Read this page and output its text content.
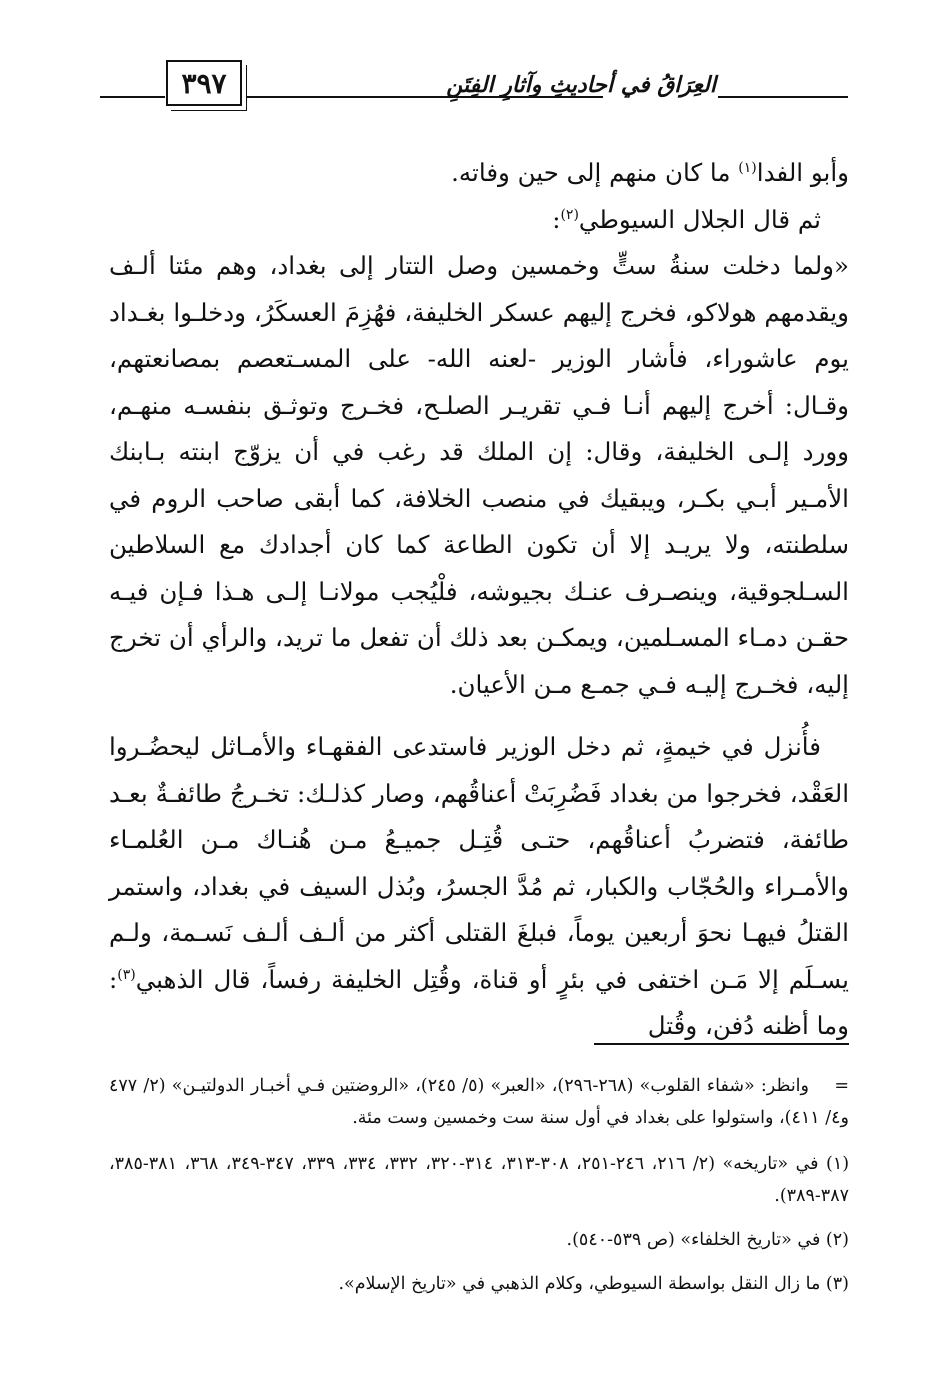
العِرَاقُ في أحاديثِ وآثارِ الفِتَنِ
٣٩٧

وأبو الفدا$^{(١)}$ ما كان منهم إلى حين وفاته.

ثم قال الجلال السيوطي$^{(٢)}$:

«ولما دخلت سنةُ ستٍّ وخمسين وصل التتار إلى بغداد، وهم مئتا ألـف ويقدمهم هولاكو، فخرج إليهم عسكر الخليفة، فهُزِمَ العسكَرُ، ودخلـوا بغـداد يوم عاشوراء، فأشار الوزير -لعنه الله- على المسـتعصم بمصانعتهم، وقـال: أخرج إليهم أنـا فـي تقريـر الصلـح، فخـرج وتوثـق بنفسـه منهـم، وورد إلـى الخليفة، وقال: إن الملك قد رغب في أن يزوّج ابنته بـابنك الأمـير أبـي بكـر، ويبقيك في منصب الخلافة، كما أبقى صاحب الروم في سلطنته، ولا يريـد إلا أن تكون الطاعة كما كان أجدادك مع السلاطين السـلجوقية، وينصـرف عنـك بجيوشه، فلْيُجب مولانـا إلـى هـذا فـإن فيـه حقـن دمـاء المسـلمين، ويمكـن بعد ذلك أن تفعل ما تريد، والرأي أن تخرج إليه، فخـرج إليـه فـي جمـع مـن الأعيان.

فأُنزل في خيمةٍ، ثم دخل الوزير فاستدعى الفقهـاء والأمـاثل ليحضُـروا العَقْد، فخرجوا من بغداد فَضُرِبَتْ أعناقُهم، وصار كذلـك: تخـرجُ طائفـةٌ بعـد طائفة، فتضربُ أعناقُهم، حتـى قُتِـل جميـعُ مـن هُنـاك مـن العُلمـاء والأمـراء والحُجّاب والكبار، ثم مُدَّ الجسرُ، وبُذل السيف في بغداد، واستمر القتلُ فيهـا نحوَ أربعين يوماً، فبلغَ القتلى أكثر من ألـف ألـف نَسـمة، ولـم يسـلَم إلا مَـن اختفى في بئرٍ أو قناة، وقُتِل الخليفة رفساً، قال الذهبي$^{(٣)}$: وما أظنه دُفن، وقُتل

=وانظر: «شفاء القلوب» (٢٦٨-٢٩٦)، «العبر» (٥/ ٢٤٥)، «الروضتين فـي أخبـار الدولتيـن» (٢/ ٤٧٧ و٤/ ٤١١)، واستولوا على بغداد في أول سنة ست وخمسين وست مئة.

(١) في «تاريخه» (٢/ ٢١٦، ٢٤٦-٢٥١، ٣٠٨-٣١٣، ٣١٤-٣٢٠، ٣٣٢، ٣٣٤، ٣٣٩، ٣٤٧-٣٤٩، ٣٦٨، ٣٨١-٣٨٥، ٣٨٧-٣٨٩).

(٢) في «تاريخ الخلفاء» (ص ٥٣٩-٥٤٠).

(٣) ما زال النقل بواسطة السيوطي، وكلام الذهبي في «تاريخ الإسلام».
